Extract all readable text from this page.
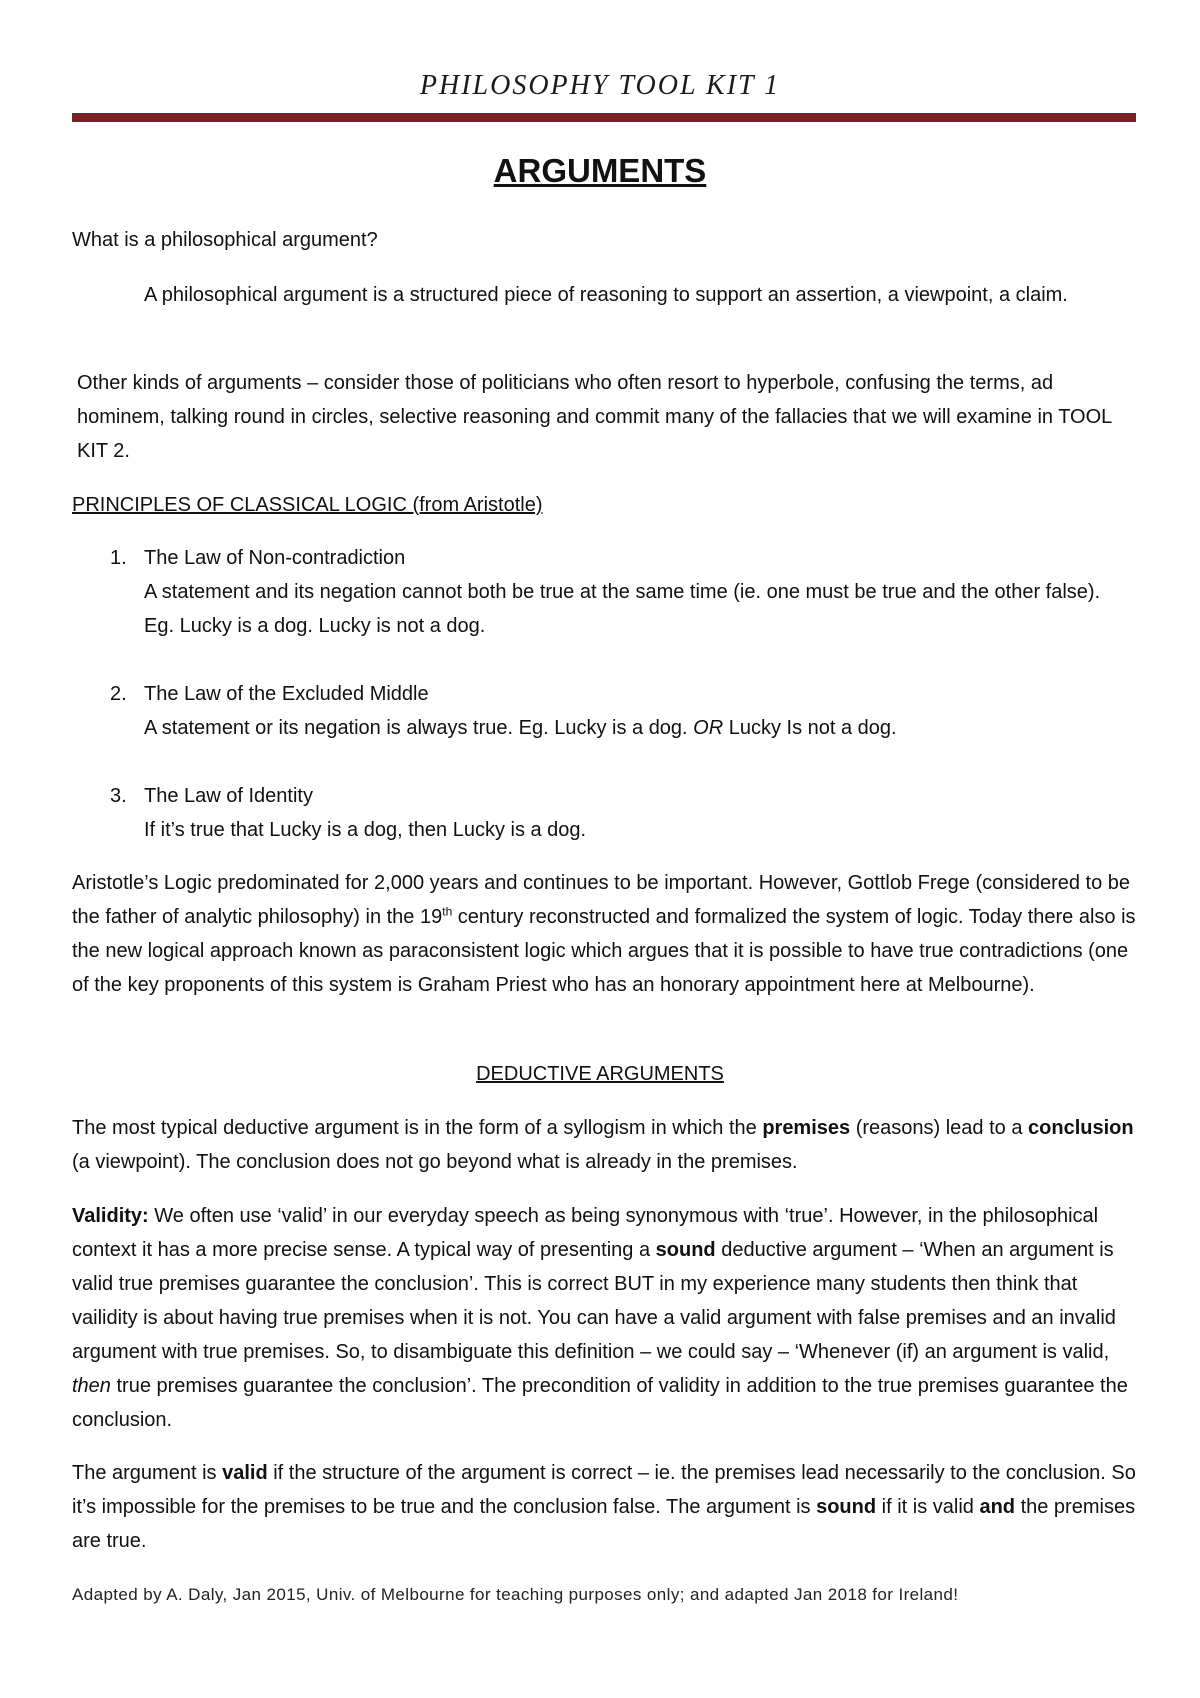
PHILOSOPHY TOOL KIT 1
ARGUMENTS

What is a philosophical argument?

A philosophical argument is a structured piece of reasoning to support an assertion, a viewpoint, a claim.

Other kinds of arguments – consider those of politicians who often resort to hyperbole, confusing the terms, ad hominem, talking round in circles, selective reasoning and commit many of the fallacies that we will examine in TOOL KIT 2.

PRINCIPLES OF CLASSICAL LOGIC (from Aristotle)

1. The Law of Non-contradiction

A statement and its negation cannot both be true at the same time (ie. one must be true and the other false). Eg. Lucky is a dog. Lucky is not a dog.

2. The Law of the Excluded Middle

A statement or its negation is always true. Eg. Lucky is a dog. OR Lucky Is not a dog.

3. The Law of Identity

If it’s true that Lucky is a dog, then Lucky is a dog.

Aristotle’s Logic predominated for 2,000 years and continues to be important. However, Gottlob Frege (considered to be the father of analytic philosophy) in the 19th century reconstructed and formalized the system of logic. Today there also is the new logical approach known as paraconsistent logic which argues that it is possible to have true contradictions (one of the key proponents of this system is Graham Priest who has an honorary appointment here at Melbourne).

DEDUCTIVE ARGUMENTS

The most typical deductive argument is in the form of a syllogism in which the premises (reasons) lead to a conclusion (a viewpoint). The conclusion does not go beyond what is already in the premises.

Validity: We often use ‘valid’ in our everyday speech as being synonymous with ‘true’. However, in the philosophical context it has a more precise sense. A typical way of presenting a sound deductive argument – ‘When an argument is valid true premises guarantee the conclusion’. This is correct BUT in my experience many students then think that vailidity is about having true premises when it is not. You can have a valid argument with false premises and an invalid argument with true premises. So, to disambiguate this definition – we could say – ‘Whenever (if) an argument is valid, then true premises guarantee the conclusion’. The precondition of validity in addition to the true premises guarantee the conclusion.

The argument is valid if the structure of the argument is correct – ie. the premises lead necessarily to the conclusion. So it’s impossible for the premises to be true and the conclusion false. The argument is sound if it is valid and the premises are true.

Adapted by A. Daly, Jan 2015, Univ. of Melbourne for teaching purposes only; and adapted Jan 2018 for Ireland!
